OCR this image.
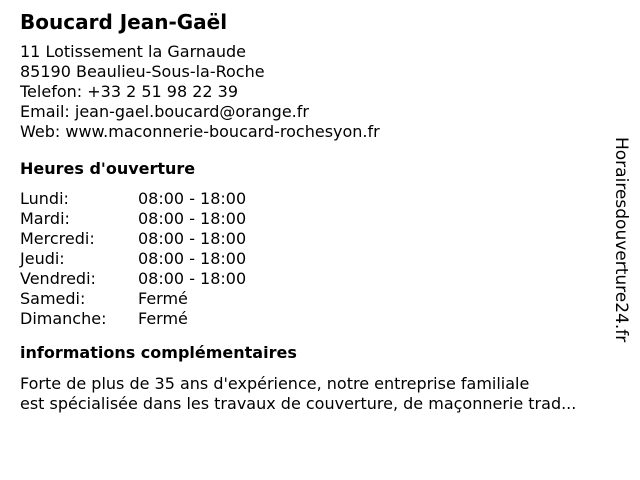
Boucard Jean-Gaël
11 Lotissement la Garnaude
85190 Beaulieu-Sous-la-Roche
Telefon: +33 2 51 98 22 39
Email: jean-gael.boucard@orange.fr
Web: www.maconnerie-boucard-rochesyon.fr
Heures d'ouverture
Lundi:	08:00 - 18:00
Mardi:	08:00 - 18:00
Mercredi:	08:00 - 18:00
Jeudi:	08:00 - 18:00
Vendredi:	08:00 - 18:00
Samedi:	Fermé
Dimanche:	Fermé
informations complémentaires
Forte de plus de 35 ans d'expérience, notre entreprise familiale
est spécialisée dans les travaux de couverture, de maçonnerie trad...
Horairesdouverture24.fr
